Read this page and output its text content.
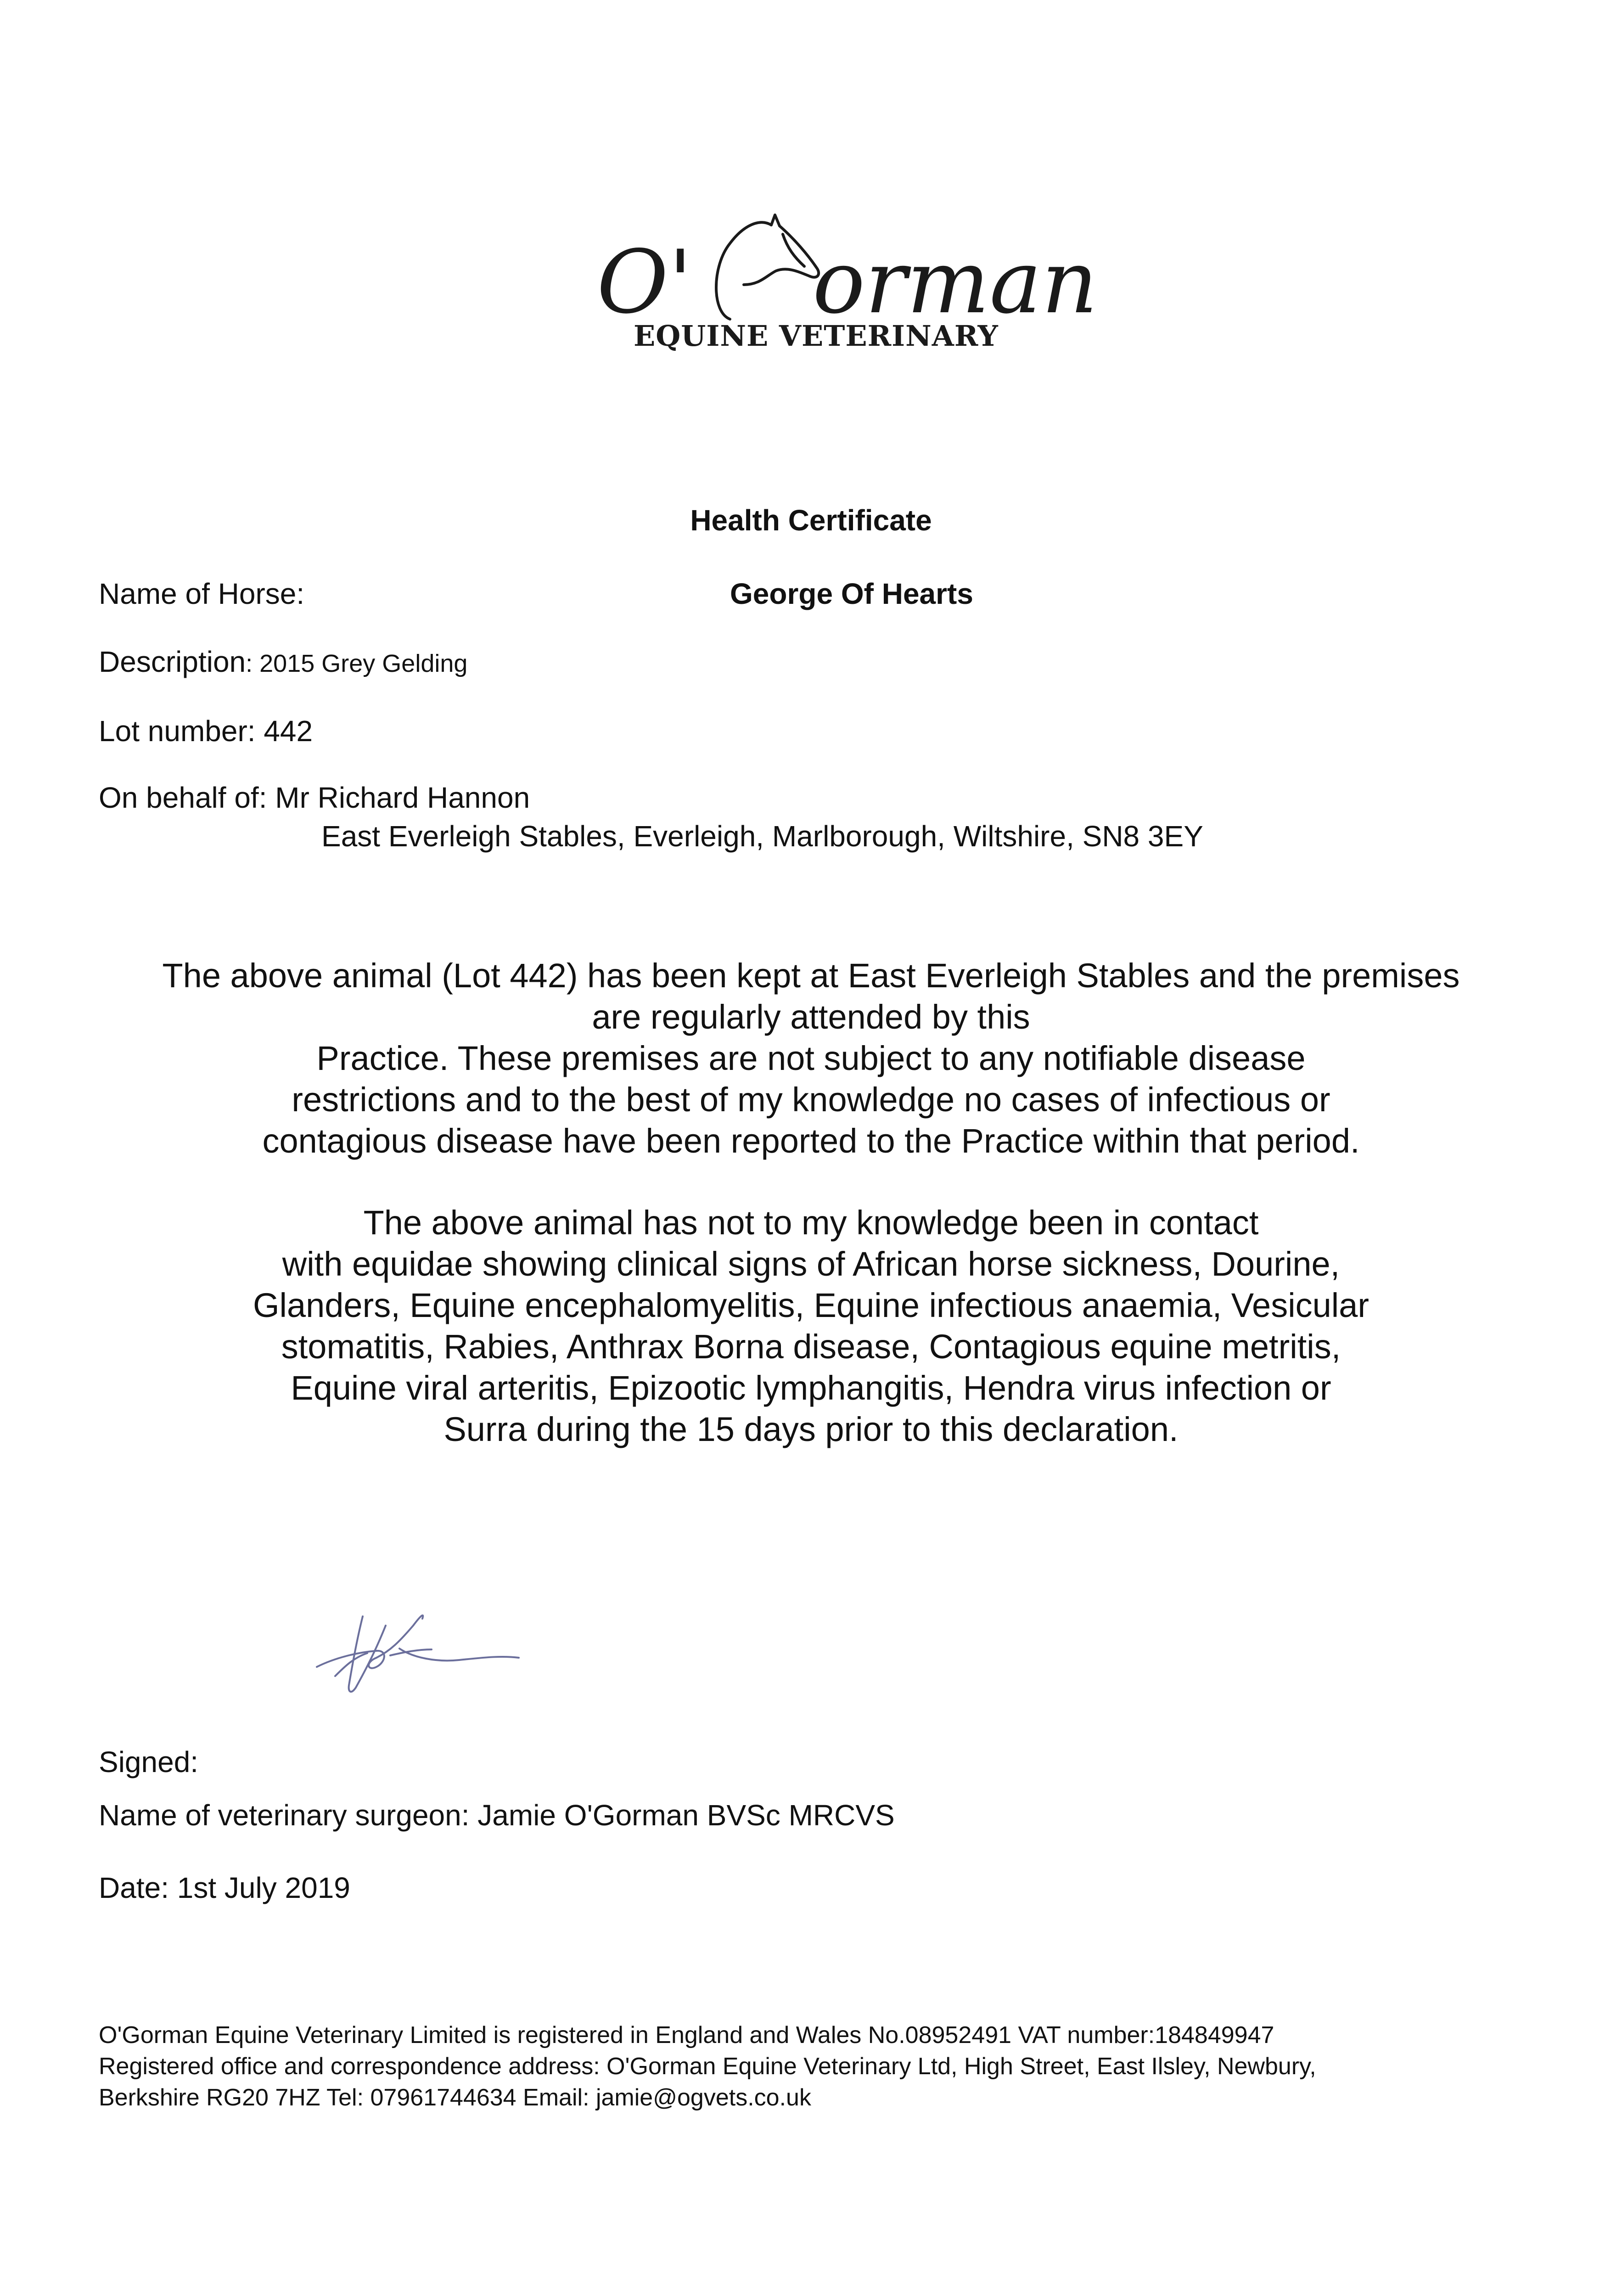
O' orman
EQUINE VETERINARY
Health Certificate
Name of Horse:	George Of Hearts
Description: 2015 Grey Gelding
Lot number: 442
On behalf of: Mr Richard Hannon
East Everleigh Stables, Everleigh, Marlborough, Wiltshire, SN8 3EY
The above animal (Lot 442) has been kept at East Everleigh Stables and the premises
are regularly attended by this
Practice. These premises are not subject to any notifiable disease
restrictions and to the best of my knowledge no cases of infectious or
contagious disease have been reported to the Practice within that period.
The above animal has not to my knowledge been in contact
with equidae showing clinical signs of African horse sickness, Dourine,
Glanders, Equine encephalomyelitis, Equine infectious anaemia, Vesicular
stomatitis, Rabies, Anthrax Borna disease, Contagious equine metritis,
Equine viral arteritis, Epizootic lymphangitis, Hendra virus infection or
Surra during the 15 days prior to this declaration.
Signed:
Name of veterinary surgeon: Jamie O'Gorman BVSc MRCVS
Date: 1st July 2019
O'Gorman Equine Veterinary Limited is registered in England and Wales No.08952491 VAT number:184849947
Registered office and correspondence address: O'Gorman Equine Veterinary Ltd, High Street, East Ilsley, Newbury,
Berkshire RG20 7HZ Tel: 07961744634 Email: jamie@ogvets.co.uk
